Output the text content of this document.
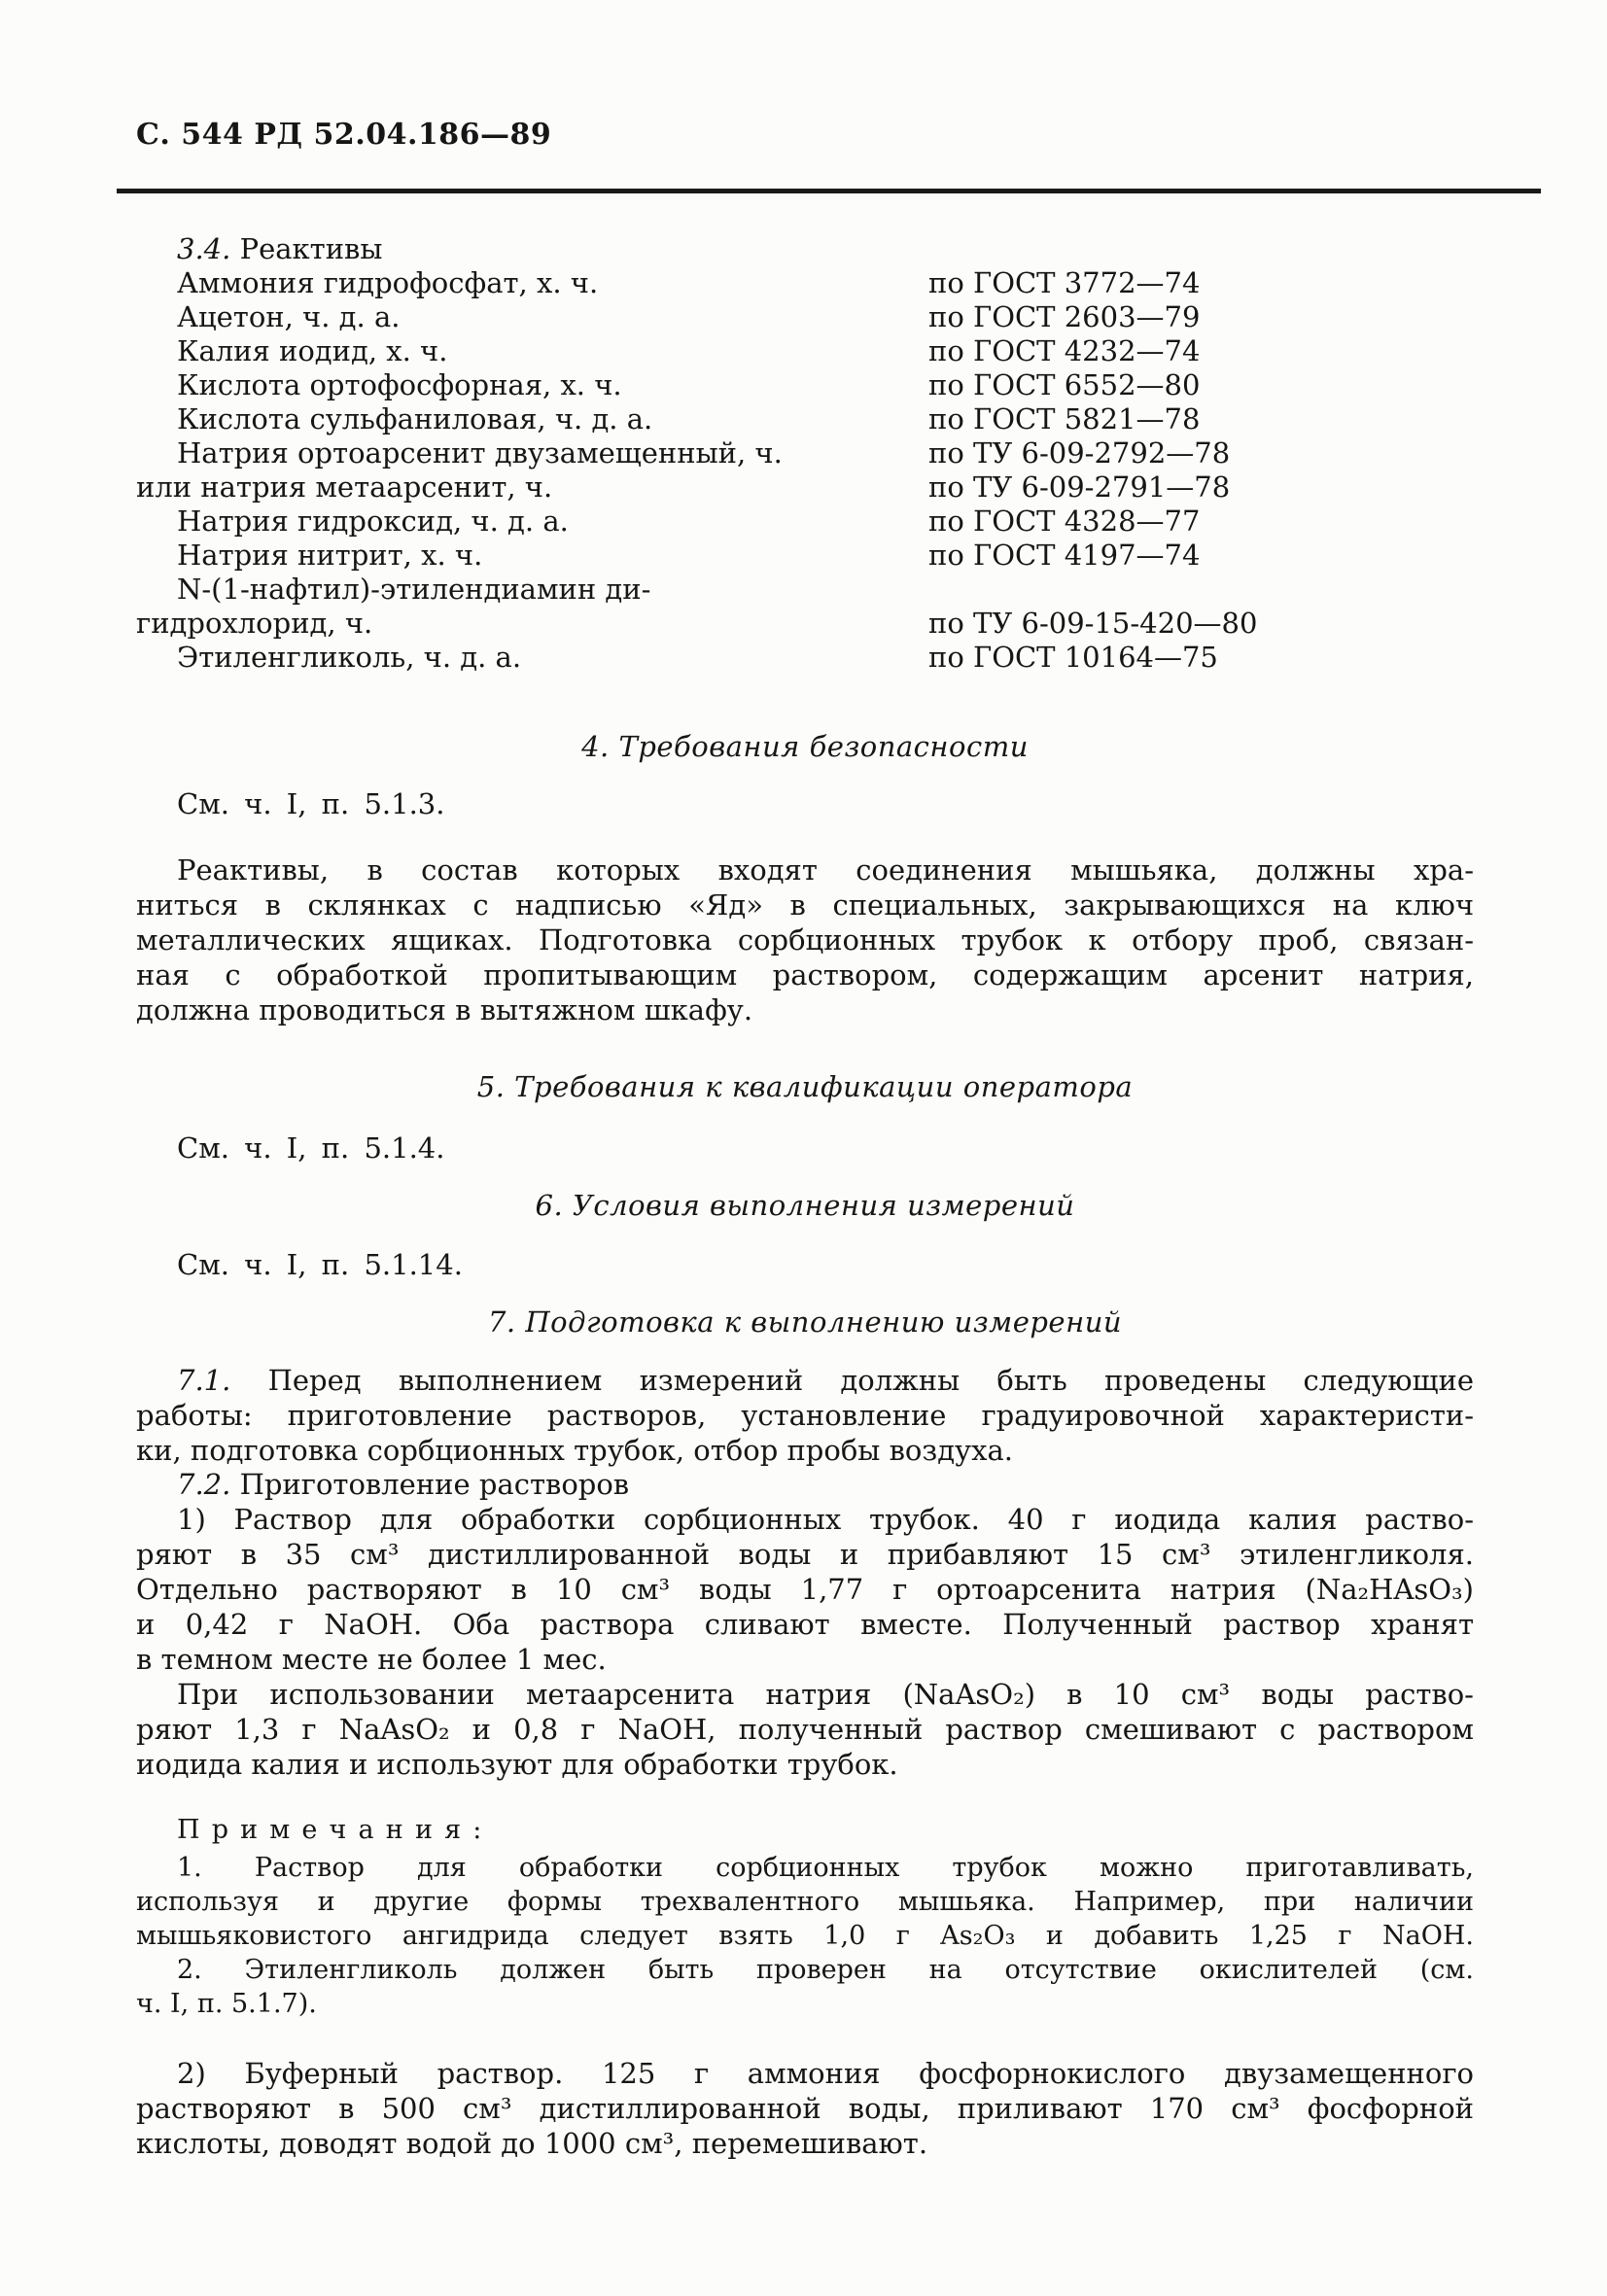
С. 544 РД 52.04.186—89
3.4. Реактивы
Аммония гидрофосфат, х. ч.	по ГОСТ 3772—74
Ацетон, ч. д. а.	по ГОСТ 2603—79
Калия иодид, х. ч.	по ГОСТ 4232—74
Кислота ортофосфорная, х. ч.	по ГОСТ 6552—80
Кислота сульфаниловая, ч. д. а.	по ГОСТ 5821—78
Натрия ортоарсенит двузамещенный, ч.	по ТУ 6-09-2792—78
или натрия метаарсенит, ч.	по ТУ 6-09-2791—78
Натрия гидроксид, ч. д. а.	по ГОСТ 4328—77
Натрия нитрит, х. ч.	по ГОСТ 4197—74
N-(1-нафтил)-этилендиамин ди-
гидрохлорид, ч.	по ТУ 6-09-15-420—80
Этиленгликоль, ч. д. а.	по ГОСТ 10164—75
4. Требования безопасности
См. ч. I, п. 5.1.3.
Реактивы, в состав которых входят соединения мышьяка, должны хра-
ниться в склянках с надписью «Яд» в специальных, закрывающихся на ключ
металлических ящиках. Подготовка сорбционных трубок к отбору проб, связан-
ная с обработкой пропитывающим раствором, содержащим арсенит натрия,
должна проводиться в вытяжном шкафу.
5. Требования к квалификации оператора
См. ч. I, п. 5.1.4.
6. Условия выполнения измерений
См. ч. I, п. 5.1.14.
7. Подготовка к выполнению измерений
7.1. Перед выполнением измерений должны быть проведены следующие
работы: приготовление растворов, установление градуировочной характеристи-
ки, подготовка сорбционных трубок, отбор пробы воздуха.
7.2. Приготовление растворов
1) Раствор для обработки сорбционных трубок. 40 г иодида калия раство-
ряют в 35 см³ дистиллированной воды и прибавляют 15 см³ этиленгликоля.
Отдельно растворяют в 10 см³ воды 1,77 г ортоарсенита натрия (Na₂HAsO₃)
и 0,42 г NaOH. Оба раствора сливают вместе. Полученный раствор хранят
в темном месте не более 1 мес.
При использовании метаарсенита натрия (NaAsO₂) в 10 см³ воды раство-
ряют 1,3 г NaAsO₂ и 0,8 г NaOH, полученный раствор смешивают с раствором
иодида калия и используют для обработки трубок.
Примечания:
1. Раствор для обработки сорбционных трубок можно приготавливать,
используя и другие формы трехвалентного мышьяка. Например, при наличии
мышьяковистого ангидрида следует взять 1,0 г As₂O₃ и добавить 1,25 г NaOH.
2. Этиленгликоль должен быть проверен на отсутствие окислителей (см.
ч. I, п. 5.1.7).
2) Буферный раствор. 125 г аммония фосфорнокислого двузамещенного
растворяют в 500 см³ дистиллированной воды, приливают 170 см³ фосфорной
кислоты, доводят водой до 1000 см³, перемешивают.
